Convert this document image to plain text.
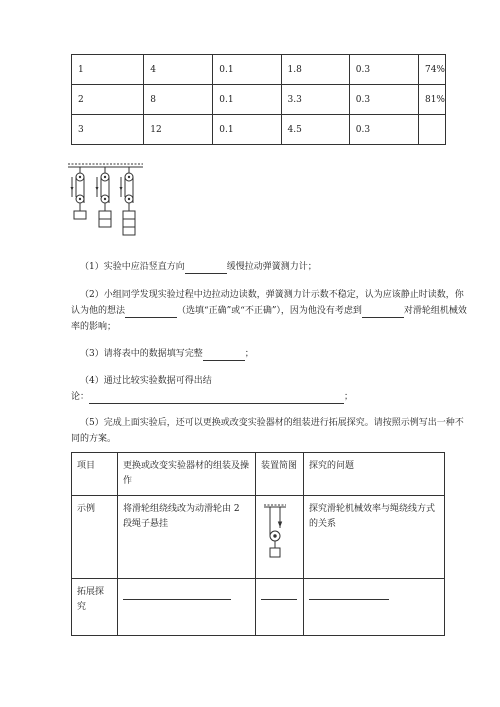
1	4	0.1	1.8	0.3	74%
2	8	0.1	3.3	0.3	81%
3	12	0.1	4.5	0.3	
（1）实验中应沿竖直方向	缓慢拉动弹簧测力计；
（2）小组同学发现实验过程中边拉动边读数，弹簧测力计示数不稳定，认为应该静止时读数，你
认为他的想法	（选填“正确”或“不正确”），因为他没有考虑到	对滑轮组机械效
率的影响；
（3）请将表中的数据填写完整	；
（4）通过比较实验数据可得出结
论：	；
（5）完成上面实验后，还可以更换或改变实验器材的组装进行拓展探究。请按照示例写出一种不
同的方案。
项目	更换或改变实验器材的组装及操作	装置简图	探究的问题
示例	将滑轮组绕线改为动滑轮由 2 段绳子悬挂		探究滑轮机械效率与绳绕线方式的关系
拓展探究	
